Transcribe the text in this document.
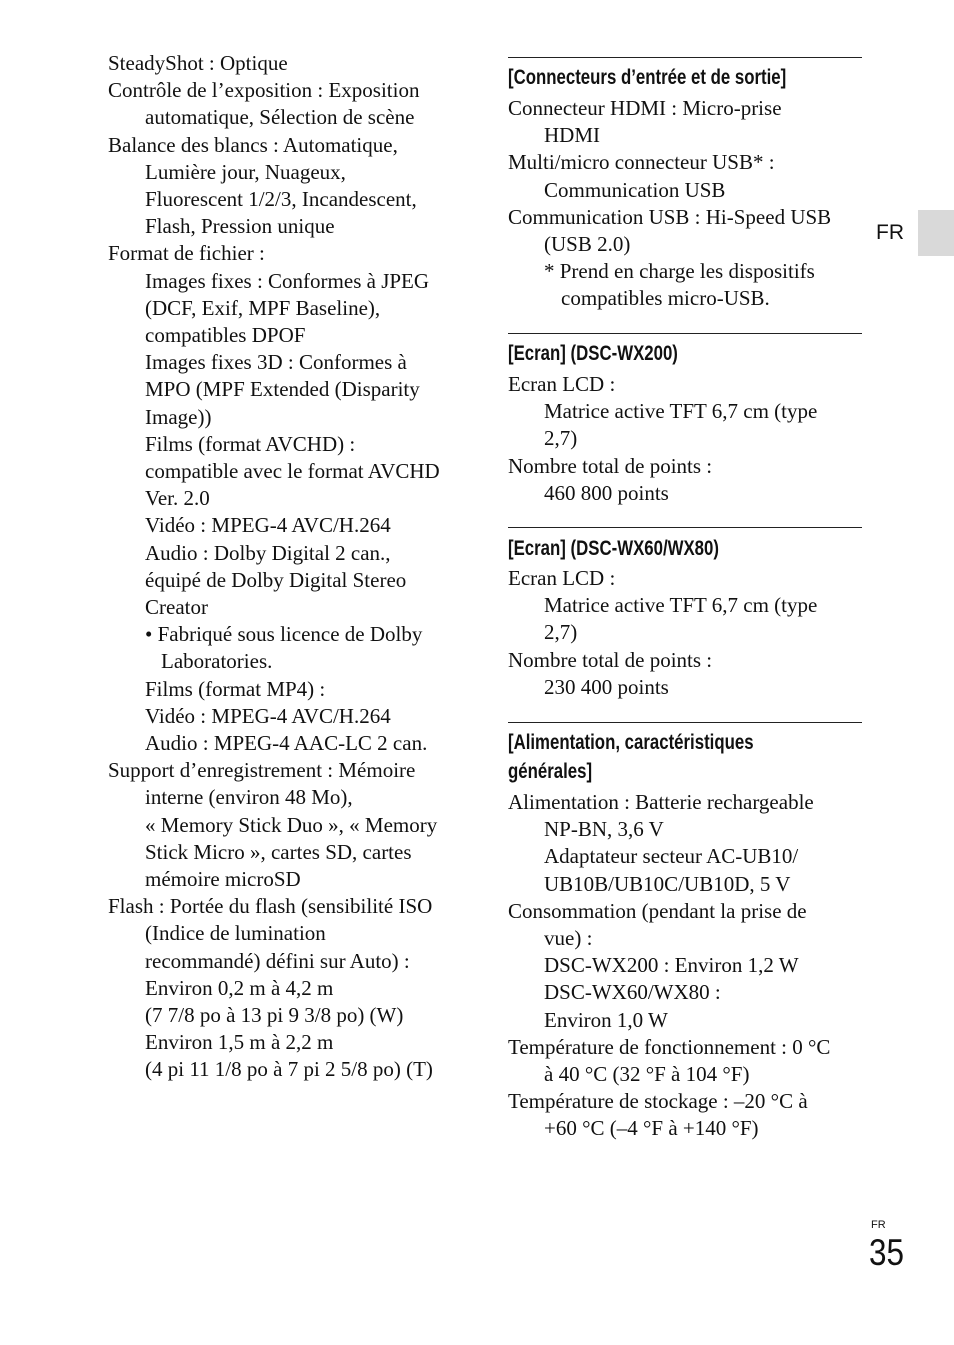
FR
FR
35
SteadyShot : Optique
Contrôle de l’exposition : Exposition
automatique, Sélection de scène
Balance des blancs : Automatique,
Lumière jour, Nuageux,
Fluorescent 1/2/3, Incandescent,
Flash, Pression unique
Format de fichier :
Images fixes : Conformes à JPEG
(DCF, Exif, MPF Baseline),
compatibles DPOF
Images fixes 3D : Conformes à
MPO (MPF Extended (Disparity
Image))
Films (format AVCHD) :
compatible avec le format AVCHD
Ver. 2.0
Vidéo : MPEG-4 AVC/H.264
Audio : Dolby Digital 2 can.,
équipé de Dolby Digital Stereo
Creator
• Fabriqué sous licence de Dolby
Laboratories.
Films (format MP4) :
Vidéo : MPEG-4 AVC/H.264
Audio : MPEG-4 AAC-LC 2 can.
Support d’enregistrement : Mémoire
interne (environ 48 Mo),
« Memory Stick Duo », « Memory
Stick Micro », cartes SD, cartes
mémoire microSD
Flash : Portée du flash (sensibilité ISO
(Indice de lumination
recommandé) défini sur Auto) :
Environ 0,2 m à 4,2 m
(7 7/8 po à 13 pi 9 3/8 po) (W)
Environ 1,5 m à 2,2 m
(4 pi 11 1/8 po à 7 pi 2 5/8 po) (T)
[Connecteurs d’entrée et de sortie]
Connecteur HDMI : Micro-prise
HDMI
Multi/micro connecteur USB* :
Communication USB
Communication USB : Hi-Speed USB
(USB 2.0)
* Prend en charge les dispositifs
compatibles micro-USB.
[Ecran] (DSC-WX200)
Ecran LCD :
Matrice active TFT 6,7 cm (type
2,7)
Nombre total de points :
460 800 points
[Ecran] (DSC-WX60/WX80)
Ecran LCD :
Matrice active TFT 6,7 cm (type
2,7)
Nombre total de points :
230 400 points
[Alimentation, caractéristiques
générales]
Alimentation : Batterie rechargeable
NP-BN, 3,6 V
Adaptateur secteur AC-UB10/
UB10B/UB10C/UB10D, 5 V
Consommation (pendant la prise de
vue) :
DSC-WX200 : Environ 1,2 W
DSC-WX60/WX80 :
Environ 1,0 W
Température de fonctionnement : 0 °C
à 40 °C (32 °F à 104 °F)
Température de stockage : –20 °C à
+60 °C (–4 °F à +140 °F)
